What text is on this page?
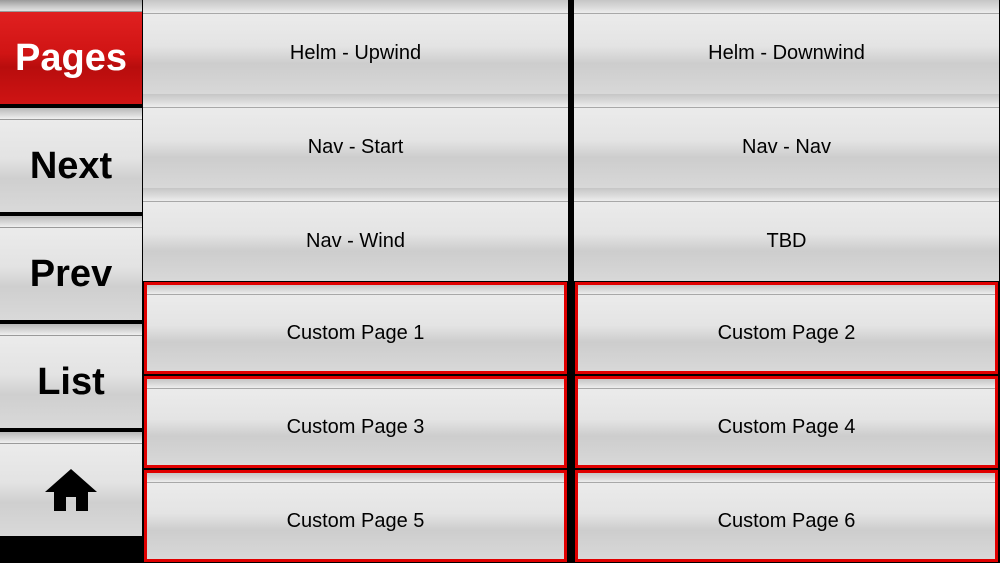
Pages
Next
Prev
List
Helm - Upwind	Helm - Downwind
Nav - Start	Nav - Nav
Nav - Wind	TBD
Custom Page 1	Custom Page 2
Custom Page 3	Custom Page 4
Custom Page 5	Custom Page 6
